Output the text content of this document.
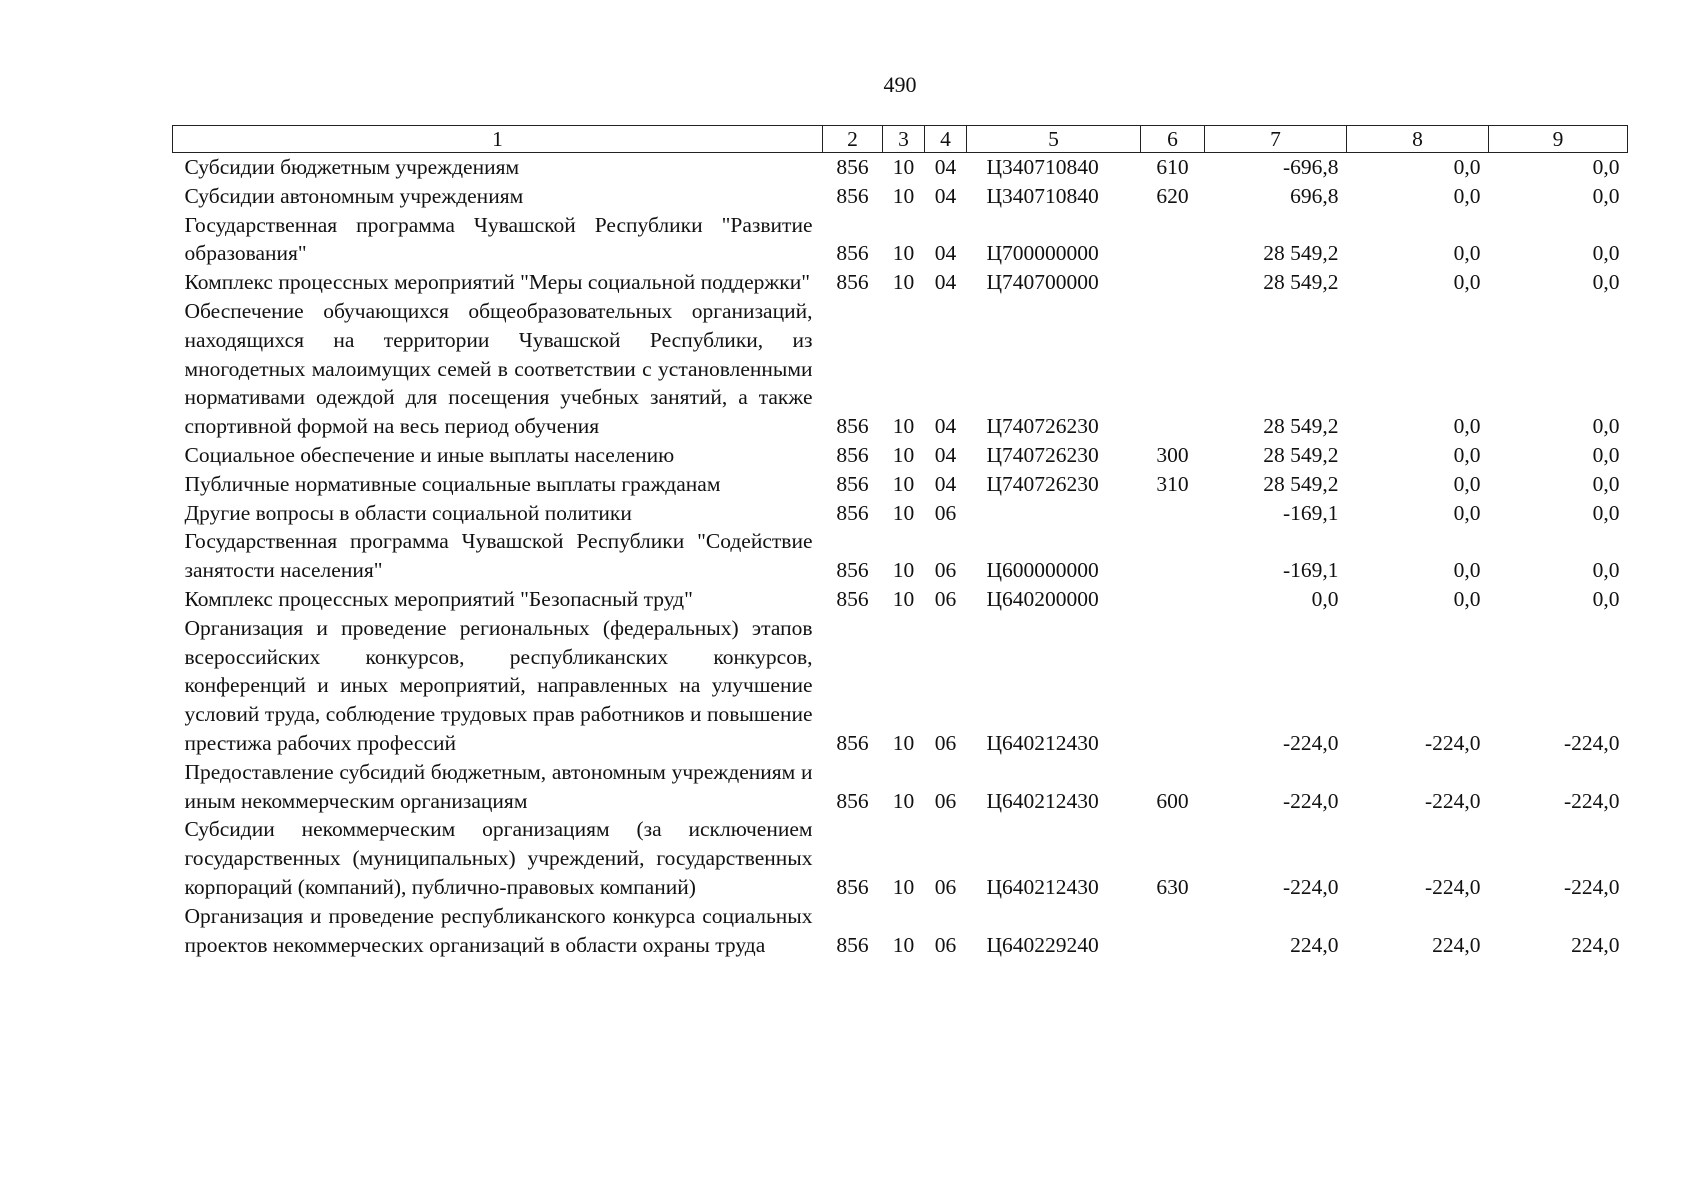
490
1	2	3	4	5	6	7	8	9
Субсидии бюджетным учреждениям	856	10	04	Ц340710840	610	-696,8	0,0	0,0
Субсидии автономным учреждениям	856	10	04	Ц340710840	620	696,8	0,0	0,0
Государственная программа Чувашской Республики "Развитие образования"	856	10	04	Ц700000000		28 549,2	0,0	0,0
Комплекс процессных мероприятий "Меры социальной поддержки"	856	10	04	Ц740700000		28 549,2	0,0	0,0
Обеспечение обучающихся общеобразовательных организаций, находящихся на территории Чувашской Республики, из многодетных малоимущих семей в соответствии с установленными нормативами одеждой для посещения учебных занятий, а также спортивной формой на весь период обучения	856	10	04	Ц740726230		28 549,2	0,0	0,0
Социальное обеспечение и иные выплаты населению	856	10	04	Ц740726230	300	28 549,2	0,0	0,0
Публичные нормативные социальные выплаты гражданам	856	10	04	Ц740726230	310	28 549,2	0,0	0,0
Другие вопросы в области социальной политики	856	10	06			-169,1	0,0	0,0
Государственная программа Чувашской Республики "Содействие занятости населения"	856	10	06	Ц600000000		-169,1	0,0	0,0
Комплекс процессных мероприятий "Безопасный труд"	856	10	06	Ц640200000		0,0	0,0	0,0
Организация и проведение региональных (федеральных) этапов всероссийских конкурсов, республиканских конкурсов, конференций и иных мероприятий, направленных на улучшение условий труда, соблюдение трудовых прав работников и повышение престижа рабочих профессий	856	10	06	Ц640212430		-224,0	-224,0	-224,0
Предоставление субсидий бюджетным, автономным учреждениям и иным некоммерческим организациям	856	10	06	Ц640212430	600	-224,0	-224,0	-224,0
Субсидии некоммерческим организациям (за исключением государственных (муниципальных) учреждений, государственных корпораций (компаний), публично-правовых компаний)	856	10	06	Ц640212430	630	-224,0	-224,0	-224,0
Организация и проведение республиканского конкурса социальных проектов некоммерческих организаций в области охраны труда	856	10	06	Ц640229240		224,0	224,0	224,0
